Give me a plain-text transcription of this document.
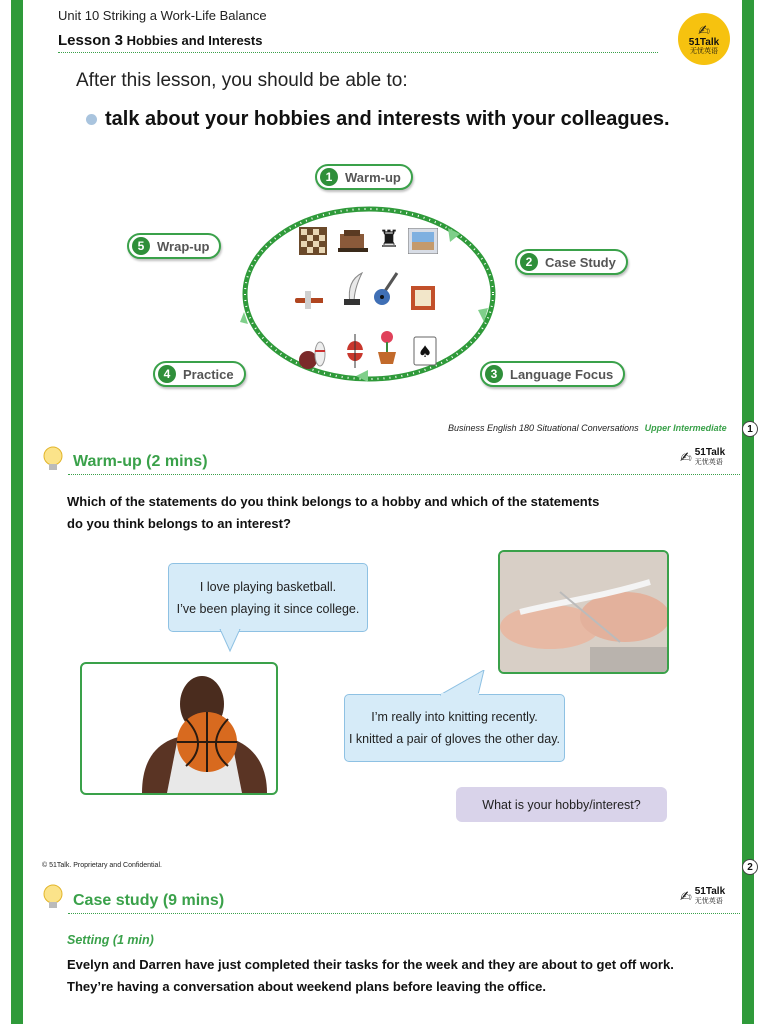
Unit 10 Striking a Work-Life Balance
Lesson 3 Hobbies and Interests
✍
51Talk
无忧英语
After this lesson, you should be able to:
talk about your hobbies and interests with your colleagues.
1 Warm-up
2 Case Study
3 Language Focus
4 Practice
5 Wrap-up	♜
♠
Business English 180 Situational Conversations Upper Intermediate	1
Warm-up (2 mins)	✍ 51Talk
无忧英语
Which of the statements do you think belongs to a hobby and which of the statements
do you think belongs to an interest?
I love playing basketball.
I’ve been playing it since college.
I’m really into knitting recently.
I knitted a pair of gloves the other day.
What is your hobby/interest?
© 51Talk. Proprietary and Confidential.	2
Case study (9 mins)	✍ 51Talk
无忧英语
Setting (1 min)
Evelyn and Darren have just completed their tasks for the week and they are about to get off work.
They’re having a conversation about weekend plans before leaving the office.
